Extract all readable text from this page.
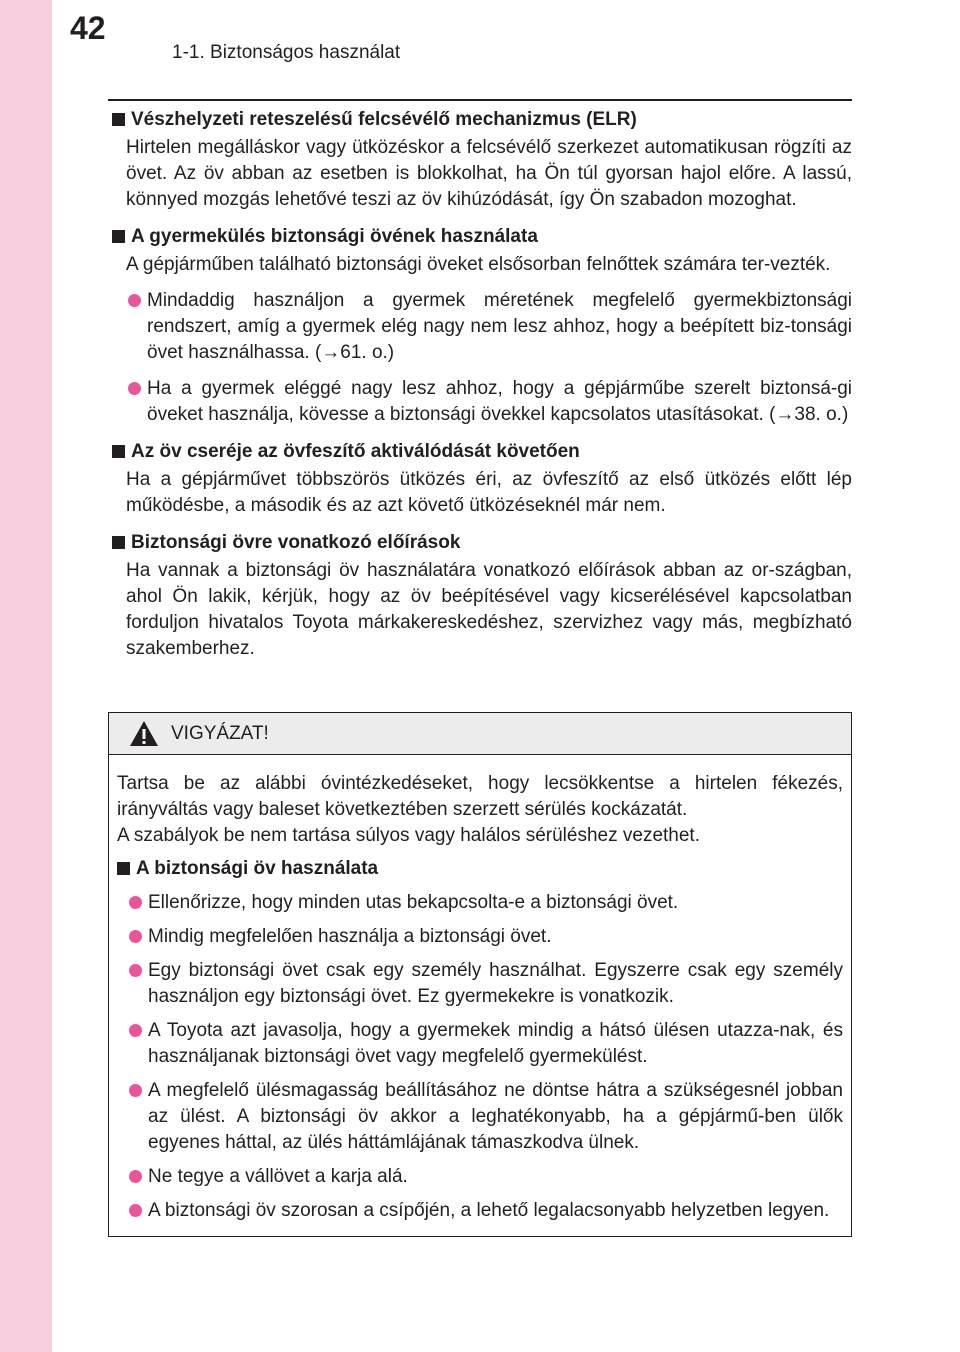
42
1-1. Biztonságos használat
Vészhelyzeti reteszelésű felcsévélő mechanizmus (ELR)
Hirtelen megálláskor vagy ütközéskor a felcsévélő szerkezet automatikusan rögzíti az övet. Az öv abban az esetben is blokkolhat, ha Ön túl gyorsan hajol előre. A lassú, könnyed mozgás lehetővé teszi az öv kihúzódását, így Ön szabadon mozoghat.
A gyermekülés biztonsági övének használata
A gépjárműben található biztonsági öveket elsősorban felnőttek számára ter-vezték.
Mindaddig használjon a gyermek méretének megfelelő gyermekbiztonsági rendszert, amíg a gyermek elég nagy nem lesz ahhoz, hogy a beépített biz-tonsági övet használhassa. (→61. o.)
Ha a gyermek eléggé nagy lesz ahhoz, hogy a gépjárműbe szerelt biztonsá-gi öveket használja, kövesse a biztonsági övekkel kapcsolatos utasításokat. (→38. o.)
Az öv cseréje az övfeszítő aktiválódását követően
Ha a gépjárművet többszörös ütközés éri, az övfeszítő az első ütközés előtt lép működésbe, a második és az azt követő ütközéseknél már nem.
Biztonsági övre vonatkozó előírások
Ha vannak a biztonsági öv használatára vonatkozó előírások abban az or-szágban, ahol Ön lakik, kérjük, hogy az öv beépítésével vagy kicserélésével kapcsolatban forduljon hivatalos Toyota márkakereskedéshez, szervizhez vagy más, megbízható szakemberhez.
VIGYÁZAT!

Tartsa be az alábbi óvintézkedéseket, hogy lecsökkentse a hirtelen fékezés, irányváltás vagy baleset következtében szerzett sérülés kockázatát.

A szabályok be nem tartása súlyos vagy halálos sérüléshez vezethet.

A biztonsági öv használata
Ellenőrizze, hogy minden utas bekapcsolta-e a biztonsági övet.
Mindig megfelelően használja a biztonsági övet.
Egy biztonsági övet csak egy személy használhat. Egyszerre csak egy személy használjon egy biztonsági övet. Ez gyermekekre is vonatkozik.
A Toyota azt javasolja, hogy a gyermekek mindig a hátsó ülésen utazza-nak, és használjanak biztonsági övet vagy megfelelő gyermekülést.
A megfelelő ülésmagasság beállításához ne döntse hátra a szükségesnél jobban az ülést. A biztonsági öv akkor a leghatékonyabb, ha a gépjármű-ben ülők egyenes háttal, az ülés háttámlájának támaszkodva ülnek.
Ne tegye a vállövet a karja alá.
A biztonsági öv szorosan a csípőjén, a lehető legalacsonyabb helyzetben legyen.
